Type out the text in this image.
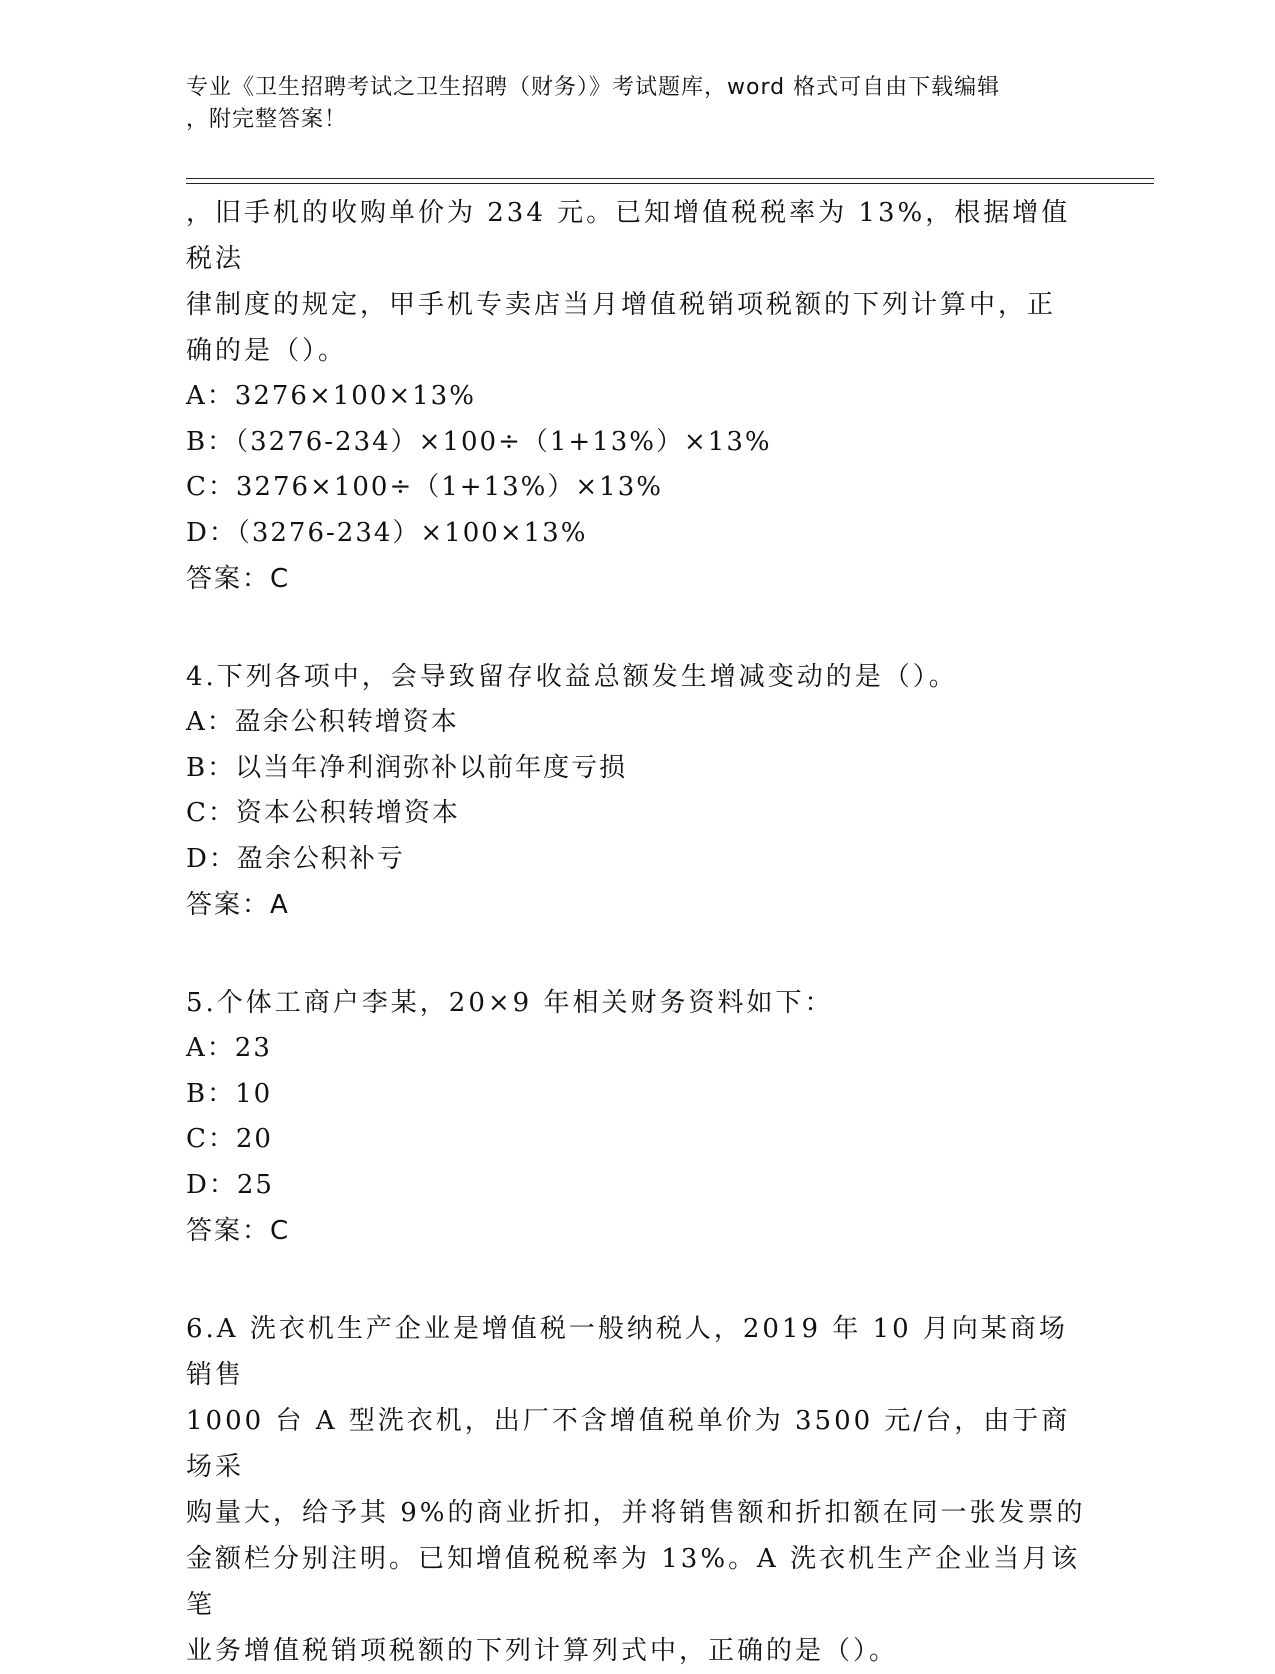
专业《卫生招聘考试之卫生招聘（财务）》考试题库，word 格式可自由下载编辑
，附完整答案！

，旧手机的收购单价为 234 元。已知增值税税率为 13%，根据增值税法

律制度的规定，甲手机专卖店当月增值税销项税额的下列计算中，正

确的是（）。

A：3276×100×13%

B：（3276-234）×100÷（1+13%）×13%

C：3276×100÷（1+13%）×13%

D：（3276-234）×100×13%

答案：C

4.下列各项中，会导致留存收益总额发生增减变动的是（）。

A：盈余公积转增资本

B：以当年净利润弥补以前年度亏损

C：资本公积转增资本

D：盈余公积补亏

答案：A

5.个体工商户李某，20×9 年相关财务资料如下：

A：23

B：10

C：20

D：25

答案：C

6.A 洗衣机生产企业是增值税一般纳税人，2019 年 10 月向某商场销售

1000 台 A 型洗衣机，出厂不含增值税单价为 3500 元/台，由于商场采

购量大，给予其 9%的商业折扣，并将销售额和折扣额在同一张发票的

金额栏分别注明。已知增值税税率为 13%。A 洗衣机生产企业当月该笔

业务增值税销项税额的下列计算列式中，正确的是（）。
